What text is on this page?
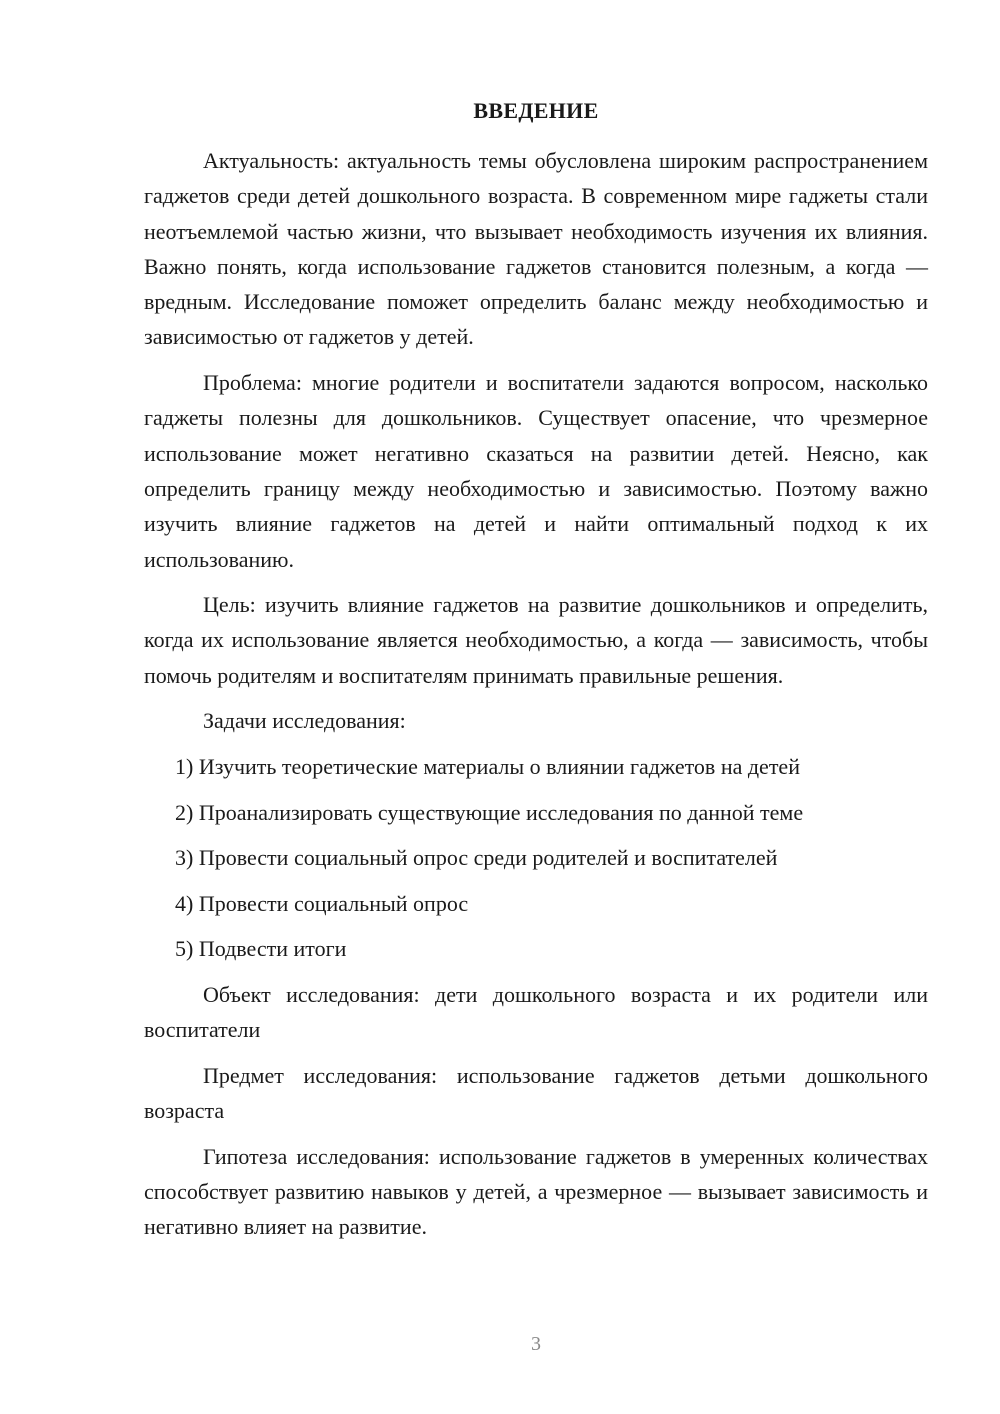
ВВЕДЕНИЕ

Актуальность: актуальность темы обусловлена широким распространением гаджетов среди детей дошкольного возраста. В современном мире гаджеты стали неотъемлемой частью жизни, что вызывает необходимость изучения их влияния. Важно понять, когда использование гаджетов становится полезным, а когда — вредным. Исследование поможет определить баланс между необходимостью и зависимостью от гаджетов у детей.

Проблема: многие родители и воспитатели задаются вопросом, насколько гаджеты полезны для дошкольников. Существует опасение, что чрезмерное использование может негативно сказаться на развитии детей. Неясно, как определить границу между необходимостью и зависимостью. Поэтому важно изучить влияние гаджетов на детей и найти оптимальный подход к их использованию.

Цель: изучить влияние гаджетов на развитие дошкольников и определить, когда их использование является необходимостью, а когда — зависимость, чтобы помочь родителям и воспитателям принимать правильные решения.

Задачи исследования:

1) Изучить теоретические материалы о влиянии гаджетов на детей

2) Проанализировать существующие исследования по данной теме

3) Провести социальный опрос среди родителей и воспитателей

4) Провести социальный опрос

5) Подвести итоги

Объект исследования: дети дошкольного возраста и их родители или воспитатели

Предмет исследования: использование гаджетов детьми дошкольного возраста

Гипотеза исследования: использование гаджетов в умеренных количествах способствует развитию навыков у детей, а чрезмерное — вызывает зависимость и негативно влияет на развитие.

3
